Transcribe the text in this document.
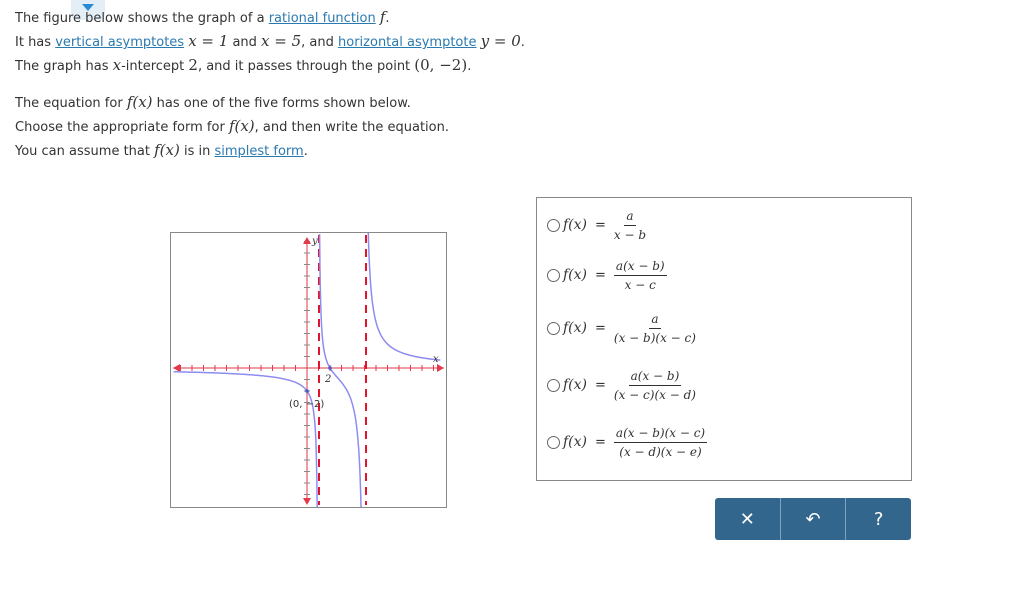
The figure below shows the graph of a rational function f.
It has vertical asymptotes x = 1 and x = 5, and horizontal asymptote y = 0.
The graph has x-intercept 2, and it passes through the point (0, −2).
The equation for f(x) has one of the five forms shown below.
Choose the appropriate form for f(x), and then write the equation.
You can assume that f(x) is in simplest form.
y
x
2
(0, −2)
$f(x) = \frac{a}{x - b}$
$f(x) = \frac{a(x - b)}{x - c}$
$f(x) = \frac{a}{(x - b)(x - c)}$
$f(x) = \frac{a(x - b)}{(x - c)(x - d)}$
$f(x) = \frac{a(x - b)(x - c)}{(x - d)(x - e)}$
✕	↶	?
